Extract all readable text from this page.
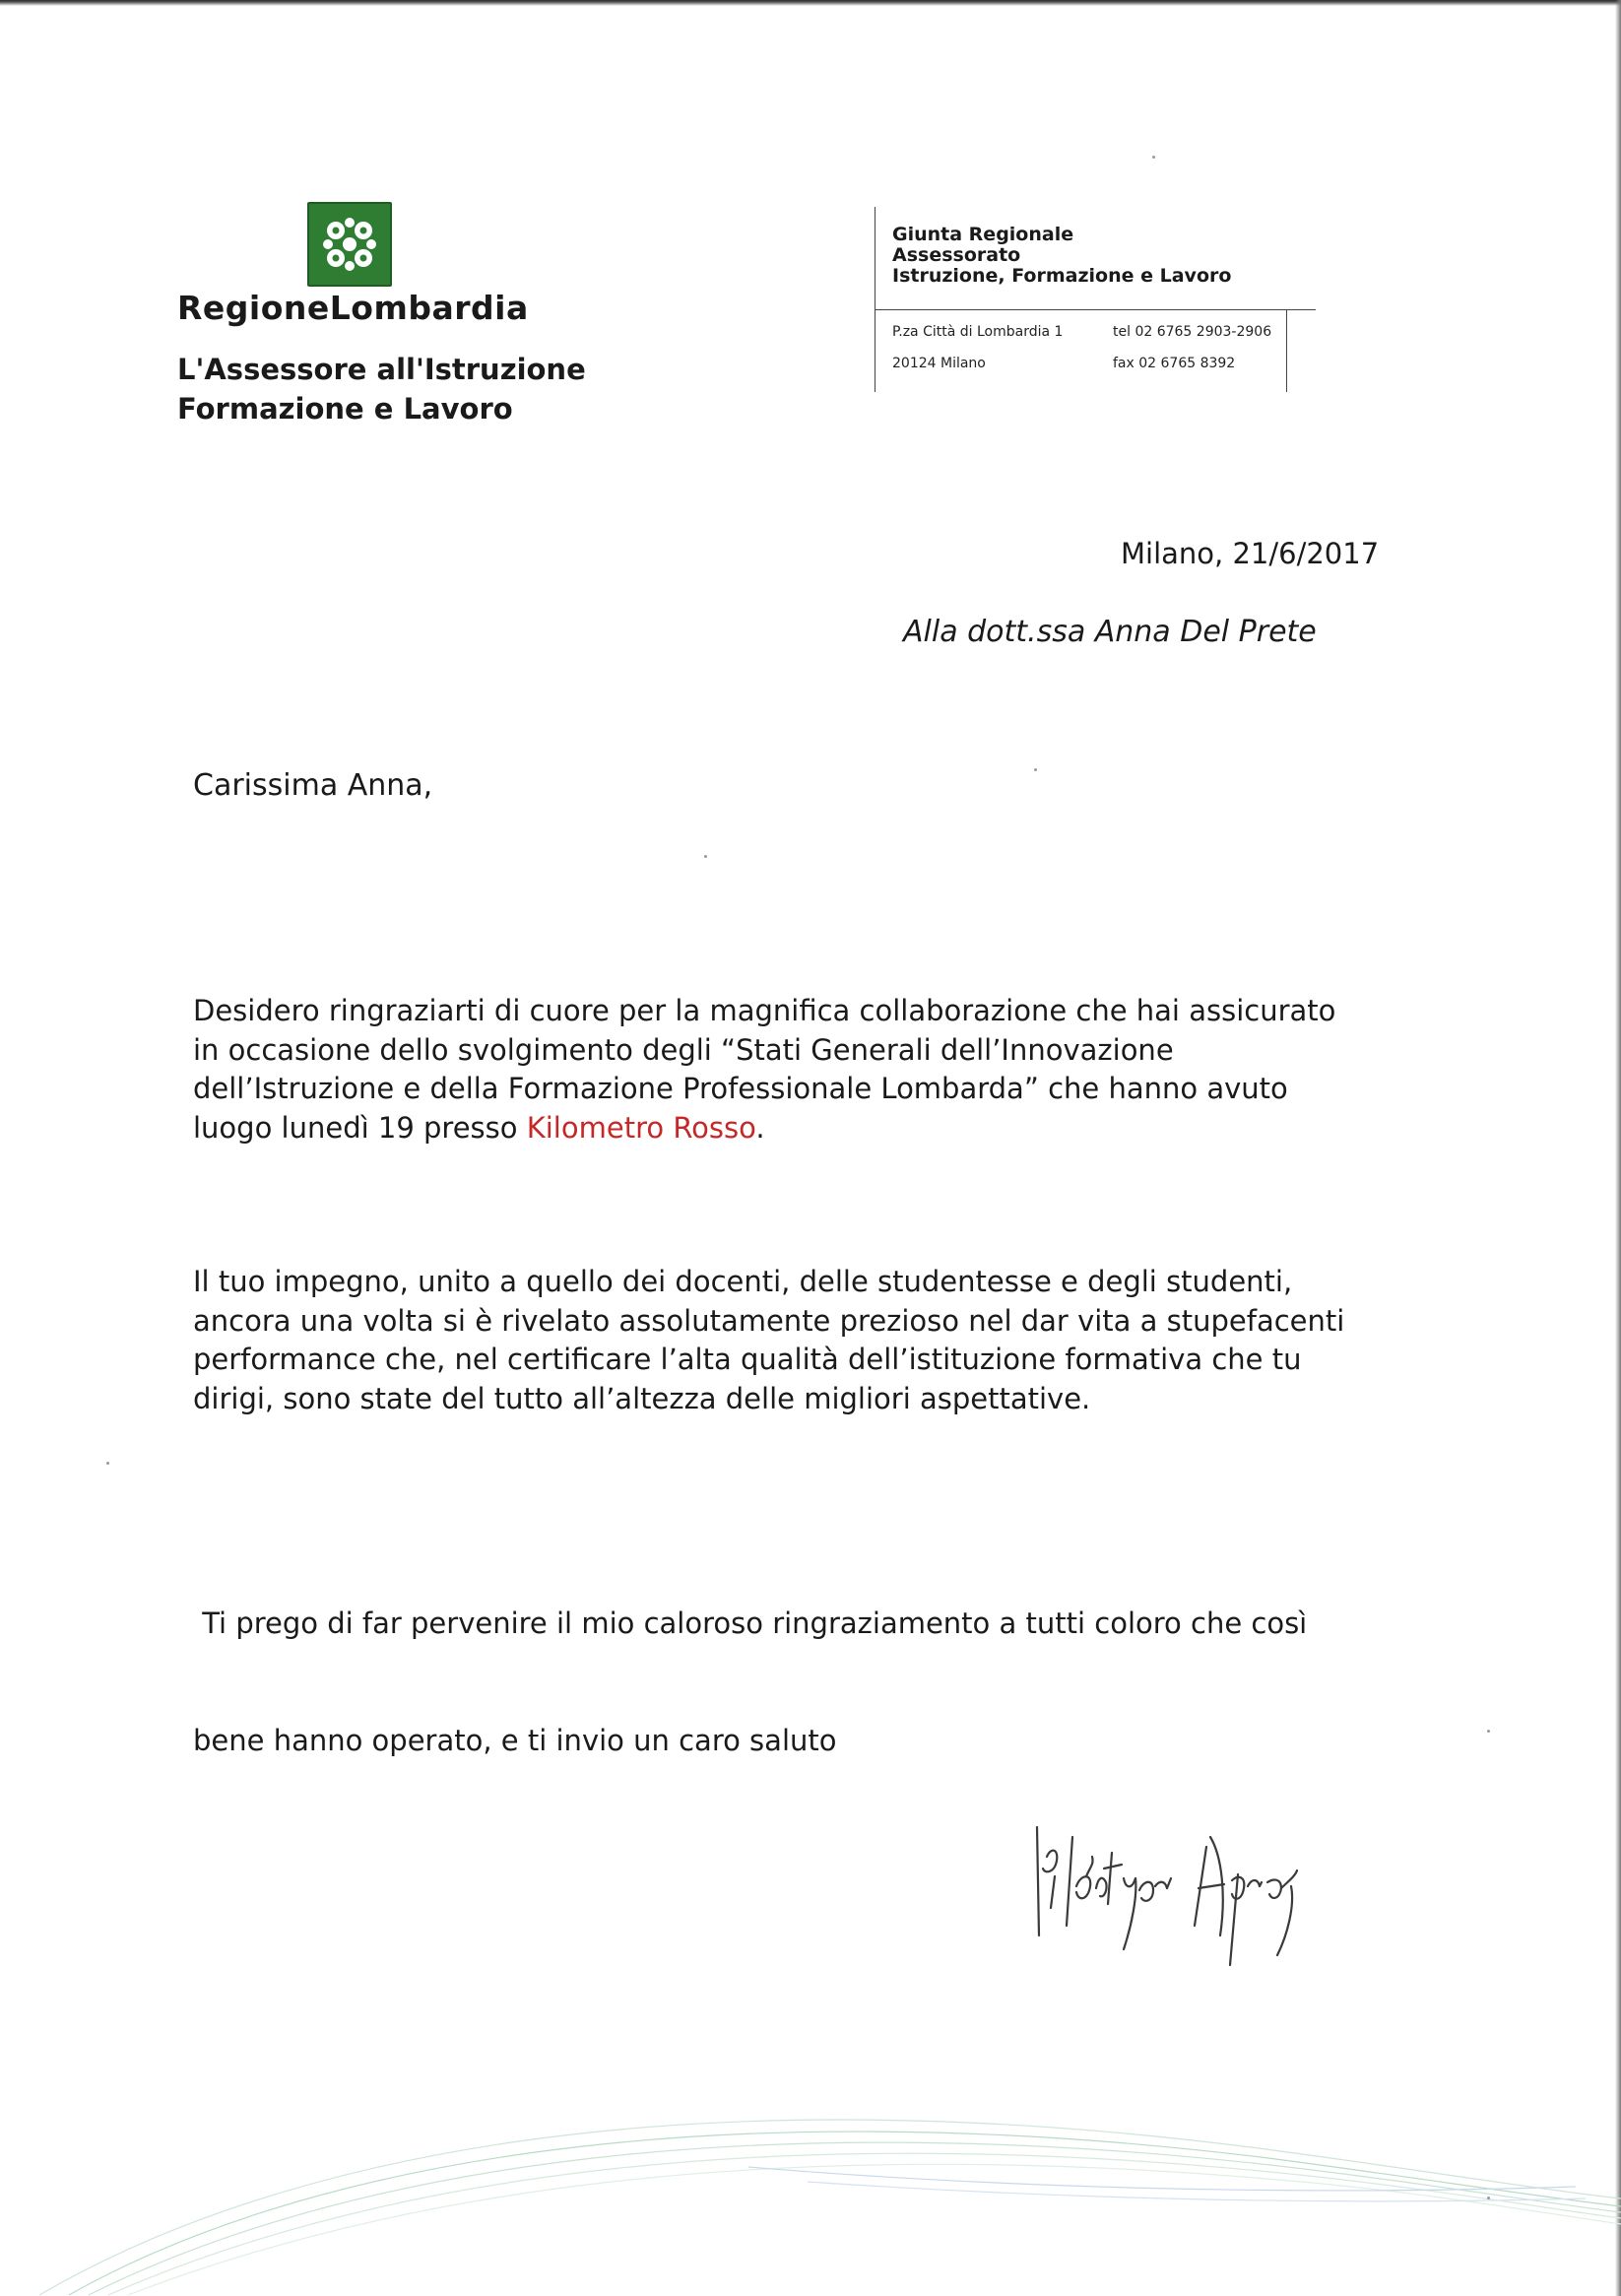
RegioneLombardia
L'Assessore all'Istruzione
Formazione e Lavoro
Giunta Regionale
Assessorato
Istruzione, Formazione e Lavoro
P.za Città di Lombardia 1
20124 Milano
tel 02 6765 2903-2906
fax 02 6765 8392
Milano, 21/6/2017
Alla dott.ssa Anna Del Prete
Carissima Anna,
Desidero ringraziarti di cuore per la magnifica collaborazione che hai assicurato
in occasione dello svolgimento degli “Stati Generali dell’Innovazione
dell’Istruzione e della Formazione Professionale Lombarda” che hanno avuto
luogo lunedì 19 presso Kilometro Rosso.
Il tuo impegno, unito a quello dei docenti, delle studentesse e degli studenti,
ancora una volta si è rivelato assolutamente prezioso nel dar vita a stupefacenti
performance che, nel certificare l’alta qualità dell’istituzione formativa che tu
dirigi, sono state del tutto all’altezza delle migliori aspettative.

Ti prego di far pervenire il mio caloroso ringraziamento a tutti coloro che così

bene hanno operato, e ti invio un caro saluto
